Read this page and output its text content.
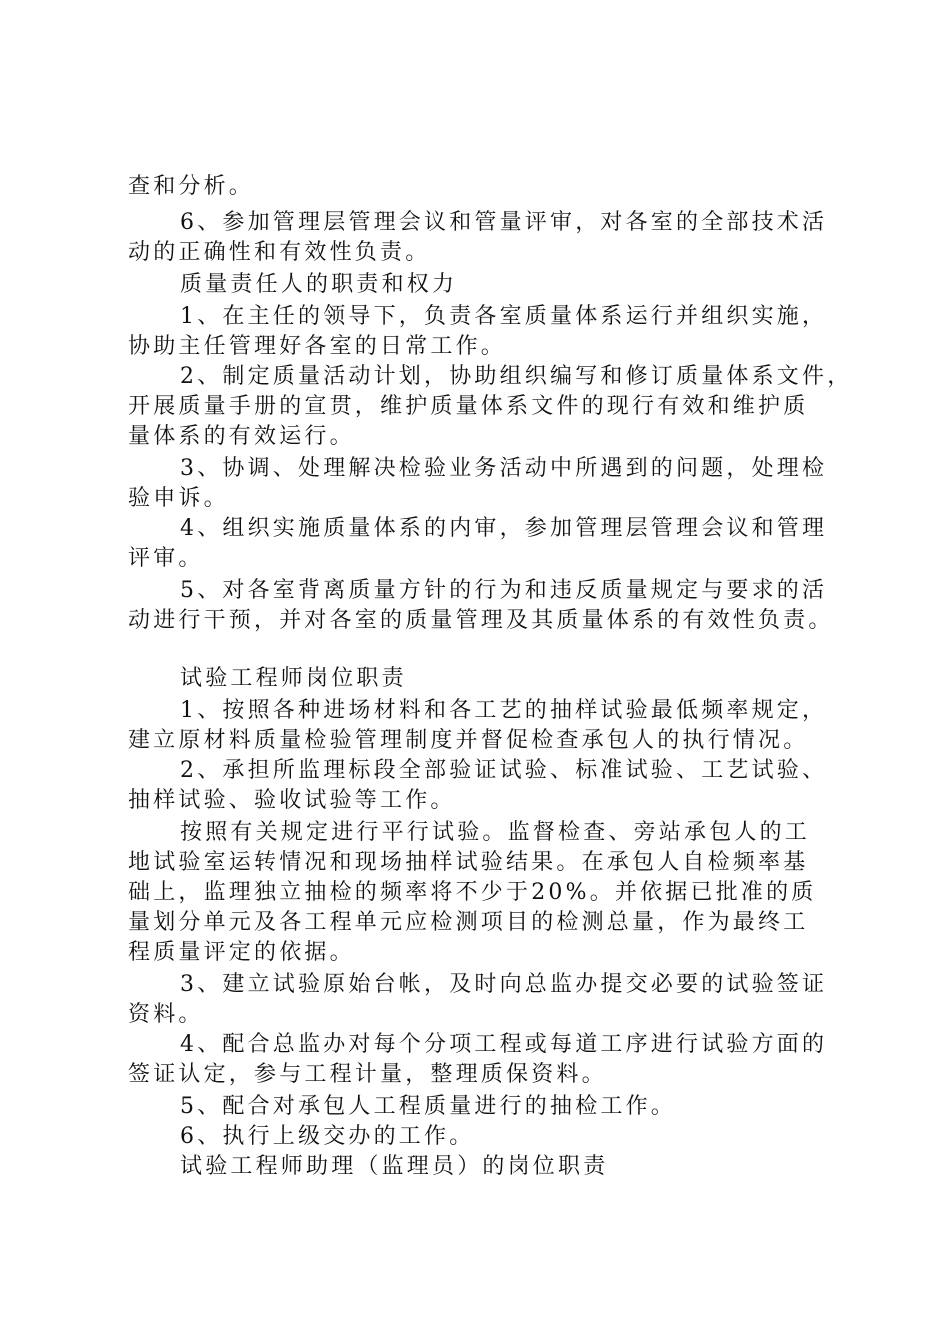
查和分析。
6、参加管理层管理会议和管量评审，对各室的全部技术活
动的正确性和有效性负责。
质量责任人的职责和权力
1、在主任的领导下，负责各室质量体系运行并组织实施，
协助主任管理好各室的日常工作。
2、制定质量活动计划，协助组织编写和修订质量体系文件，
开展质量手册的宣贯，维护质量体系文件的现行有效和维护质
量体系的有效运行。
3、协调、处理解决检验业务活动中所遇到的问题，处理检
验申诉。
4、组织实施质量体系的内审，参加管理层管理会议和管理
评审。
5、对各室背离质量方针的行为和违反质量规定与要求的活
动进行干预，并对各室的质量管理及其质量体系的有效性负责。
试验工程师岗位职责
1、按照各种进场材料和各工艺的抽样试验最低频率规定，
建立原材料质量检验管理制度并督促检查承包人的执行情况。
2、承担所监理标段全部验证试验、标准试验、工艺试验、
抽样试验、验收试验等工作。
按照有关规定进行平行试验。监督检查、旁站承包人的工
地试验室运转情况和现场抽样试验结果。在承包人自检频率基
础上，监理独立抽检的频率将不少于20%。并依据已批准的质
量划分单元及各工程单元应检测项目的检测总量，作为最终工
程质量评定的依据。
3、建立试验原始台帐，及时向总监办提交必要的试验签证
资料。
4、配合总监办对每个分项工程或每道工序进行试验方面的
签证认定，参与工程计量，整理质保资料。
5、配合对承包人工程质量进行的抽检工作。
6、执行上级交办的工作。
试验工程师助理（监理员）的岗位职责
